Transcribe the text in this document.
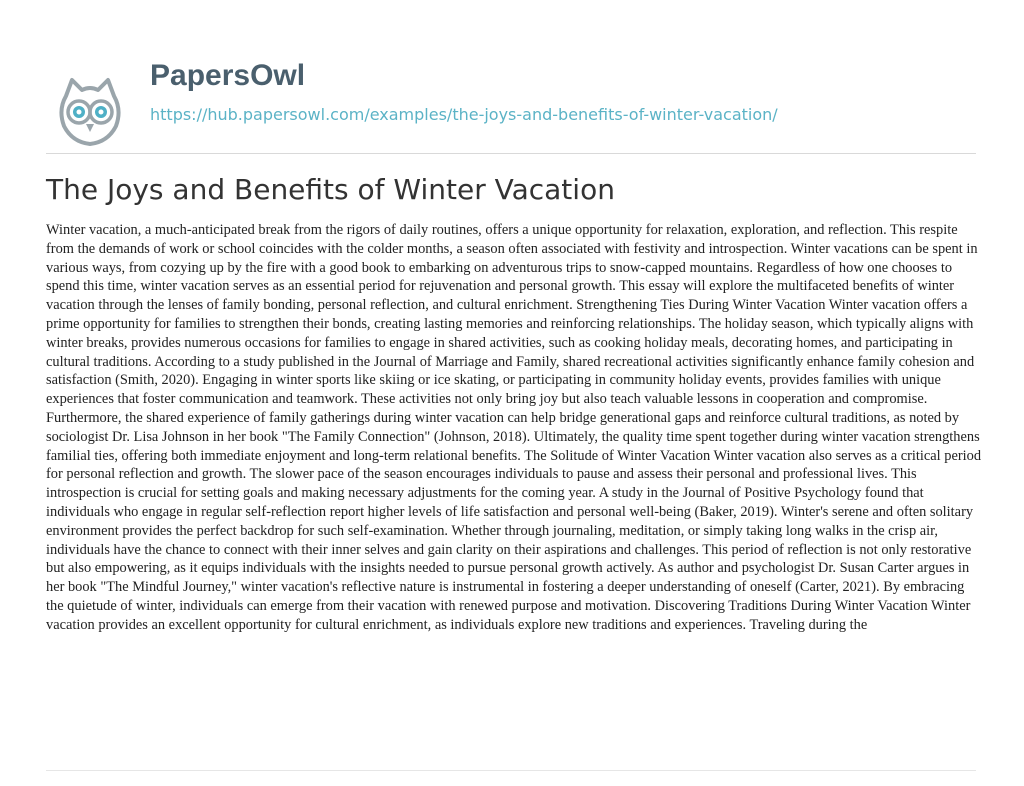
PapersOwl
https://hub.papersowl.com/examples/the-joys-and-benefits-of-winter-vacation/
The Joys and Benefits of Winter Vacation

Winter vacation, a much-anticipated break from the rigors of daily routines, offers a unique opportunity for relaxation, exploration, and reflection. This respite from the demands of work or school coincides with the colder months, a season often associated with festivity and introspection. Winter vacations can be spent in various ways, from cozying up by the fire with a good book to embarking on adventurous trips to snow-capped mountains. Regardless of how one chooses to spend this time, winter vacation serves as an essential period for rejuvenation and personal growth. This essay will explore the multifaceted benefits of winter vacation through the lenses of family bonding, personal reflection, and cultural enrichment. Strengthening Ties During Winter Vacation Winter vacation offers a prime opportunity for families to strengthen their bonds, creating lasting memories and reinforcing relationships. The holiday season, which typically aligns with winter breaks, provides numerous occasions for families to engage in shared activities, such as cooking holiday meals, decorating homes, and participating in cultural traditions. According to a study published in the Journal of Marriage and Family, shared recreational activities significantly enhance family cohesion and satisfaction (Smith, 2020). Engaging in winter sports like skiing or ice skating, or participating in community holiday events, provides families with unique experiences that foster communication and teamwork. These activities not only bring joy but also teach valuable lessons in cooperation and compromise. Furthermore, the shared experience of family gatherings during winter vacation can help bridge generational gaps and reinforce cultural traditions, as noted by sociologist Dr. Lisa Johnson in her book "The Family Connection" (Johnson, 2018). Ultimately, the quality time spent together during winter vacation strengthens familial ties, offering both immediate enjoyment and long-term relational benefits. The Solitude of Winter Vacation Winter vacation also serves as a critical period for personal reflection and growth. The slower pace of the season encourages individuals to pause and assess their personal and professional lives. This introspection is crucial for setting goals and making necessary adjustments for the coming year. A study in the Journal of Positive Psychology found that individuals who engage in regular self-reflection report higher levels of life satisfaction and personal well-being (Baker, 2019). Winter's serene and often solitary environment provides the perfect backdrop for such self-examination. Whether through journaling, meditation, or simply taking long walks in the crisp air, individuals have the chance to connect with their inner selves and gain clarity on their aspirations and challenges. This period of reflection is not only restorative but also empowering, as it equips individuals with the insights needed to pursue personal growth actively. As author and psychologist Dr. Susan Carter argues in her book "The Mindful Journey," winter vacation's reflective nature is instrumental in fostering a deeper understanding of oneself (Carter, 2021). By embracing the quietude of winter, individuals can emerge from their vacation with renewed purpose and motivation. Discovering Traditions During Winter Vacation Winter vacation provides an excellent opportunity for cultural enrichment, as individuals explore new traditions and experiences. Traveling during the
